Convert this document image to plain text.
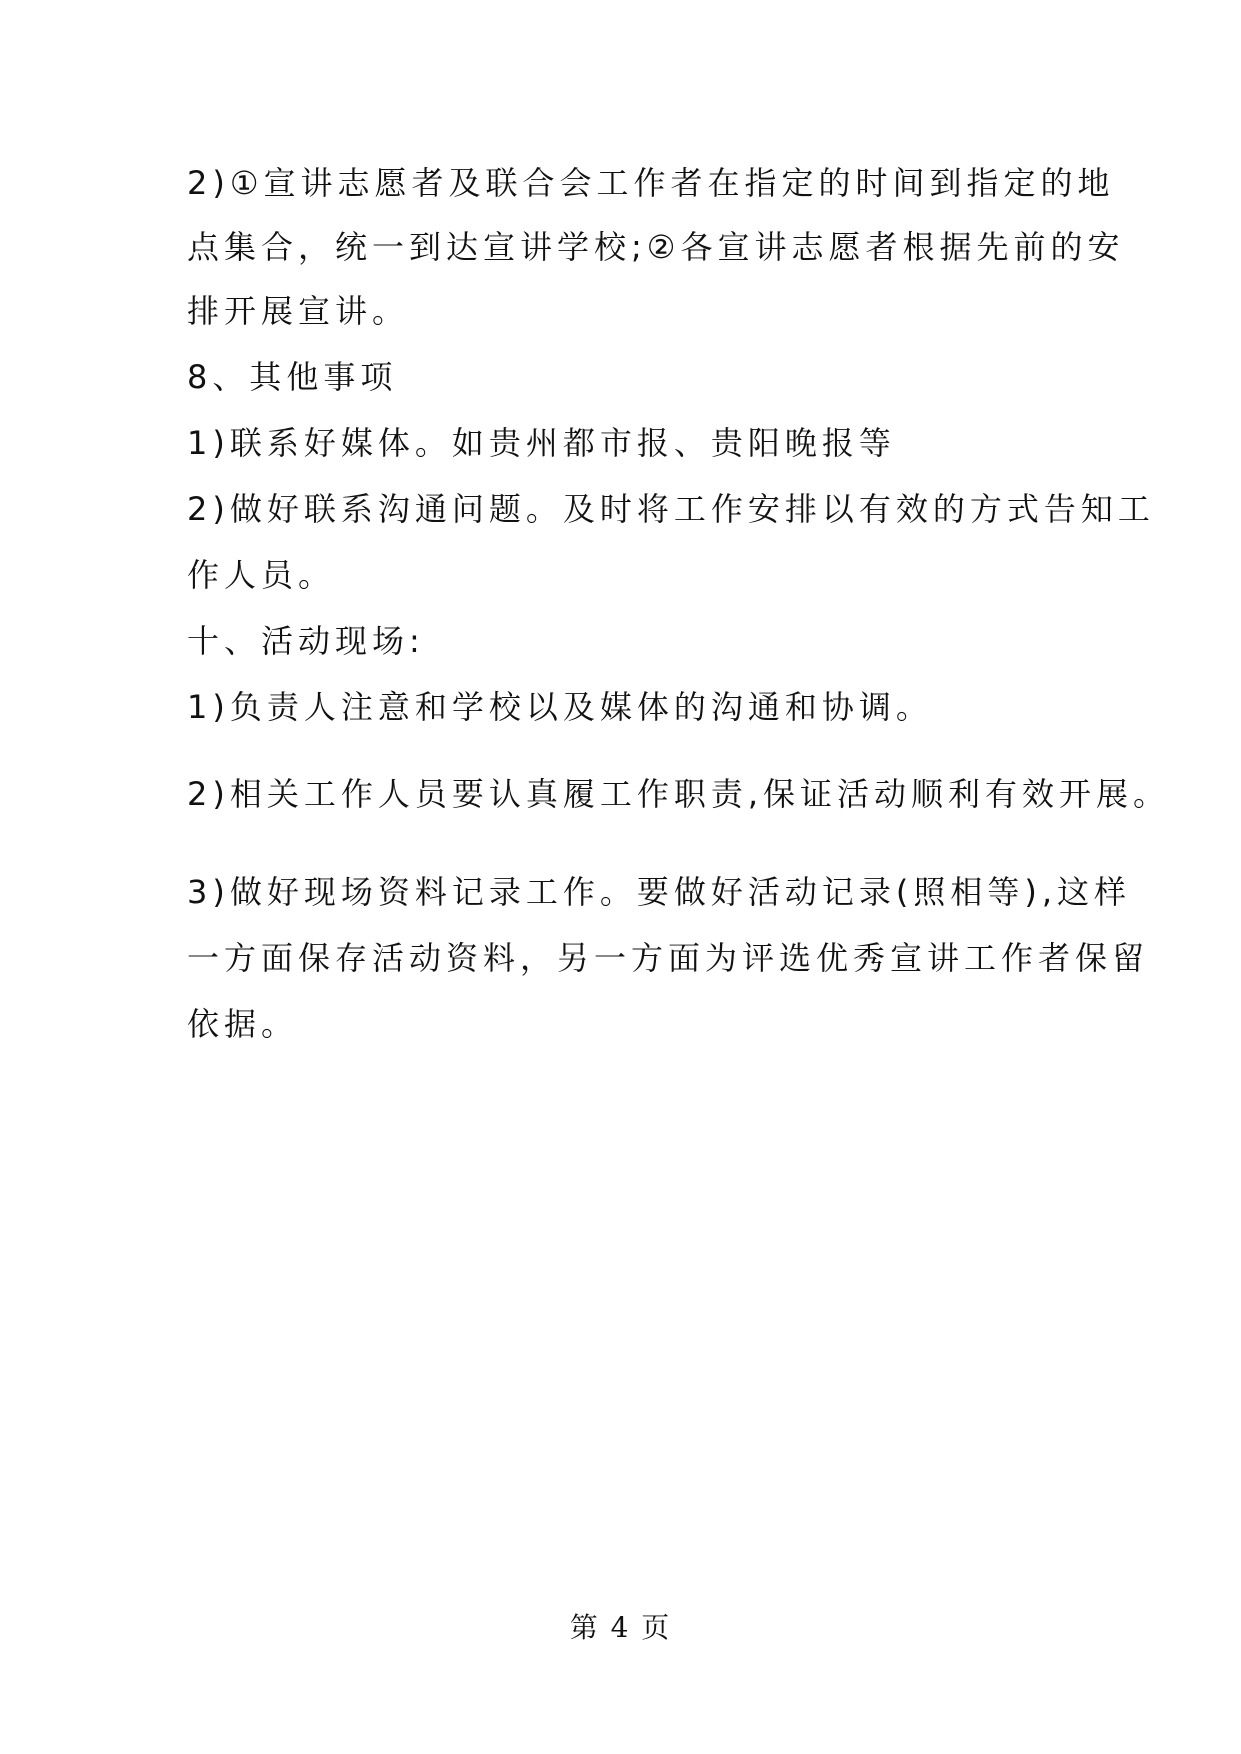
2)①宣讲志愿者及联合会工作者在指定的时间到指定的地
点集合，统一到达宣讲学校;②各宣讲志愿者根据先前的安
排开展宣讲。
8、其他事项
1)联系好媒体。如贵州都市报、贵阳晚报等
2)做好联系沟通问题。及时将工作安排以有效的方式告知工
作人员。
十、活动现场:
1)负责人注意和学校以及媒体的沟通和协调。
2)相关工作人员要认真履工作职责,保证活动顺利有效开展。
3)做好现场资料记录工作。要做好活动记录(照相等),这样
一方面保存活动资料，另一方面为评选优秀宣讲工作者保留
依据。
第 4 页
